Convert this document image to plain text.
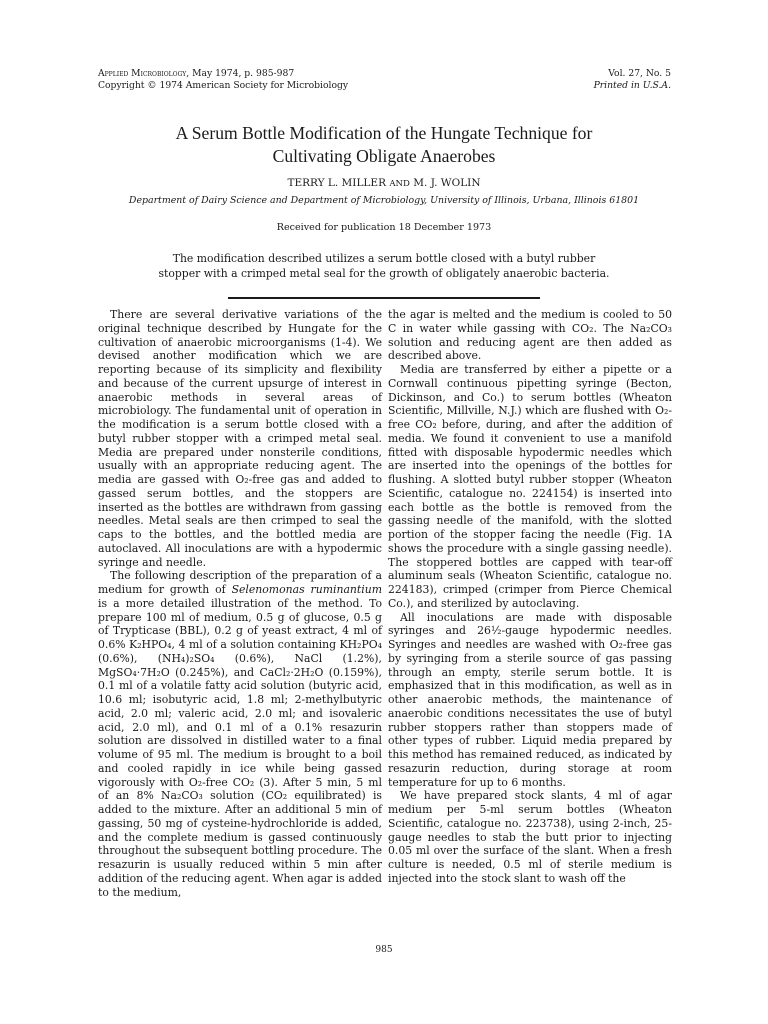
Applied Microbiology, May 1974, p. 985-987
Copyright © 1974 American Society for Microbiology
Vol. 27, No. 5
Printed in U.S.A.
A Serum Bottle Modification of the Hungate Technique for
Cultivating Obligate Anaerobes
TERRY L. MILLER AND M. J. WOLIN
Department of Dairy Science and Department of Microbiology, University of Illinois, Urbana, Illinois 61801
Received for publication 18 December 1973
The modification described utilizes a serum bottle closed with a butyl rubber
stopper with a crimped metal seal for the growth of obligately anaerobic bacteria.

There are several derivative variations of the original technique described by Hungate for the cultivation of anaerobic microorganisms (1-4). We devised another modification which we are reporting because of its simplicity and flexibility and because of the current upsurge of interest in anaerobic methods in several areas of microbiology. The fundamental unit of operation in the modification is a serum bottle closed with a butyl rubber stopper with a crimped metal seal. Media are prepared under nonsterile conditions, usually with an appropriate reducing agent. The media are gassed with O₂-free gas and added to gassed serum bottles, and the stoppers are inserted as the bottles are withdrawn from gassing needles. Metal seals are then crimped to seal the caps to the bottles, and the bottled media are autoclaved. All inoculations are with a hypodermic syringe and needle.

The following description of the preparation of a medium for growth of Selenomonas ruminantium is a more detailed illustration of the method. To prepare 100 ml of medium, 0.5 g of glucose, 0.5 g of Trypticase (BBL), 0.2 g of yeast extract, 4 ml of 0.6% K₂HPO₄, 4 ml of a solution containing KH₂PO₄ (0.6%), (NH₄)₂SO₄ (0.6%), NaCl (1.2%), MgSO₄·7H₂O (0.245%), and CaCl₂·2H₂O (0.159%), 0.1 ml of a volatile fatty acid solution (butyric acid, 10.6 ml; isobutyric acid, 1.8 ml; 2-methylbutyric acid, 2.0 ml; valeric acid, 2.0 ml; and isovaleric acid, 2.0 ml), and 0.1 ml of a 0.1% resazurin solution are dissolved in distilled water to a final volume of 95 ml. The medium is brought to a boil and cooled rapidly in ice while being gassed vigorously with O₂-free CO₂ (3). After 5 min, 5 ml of an 8% Na₂CO₃ solution (CO₂ equilibrated) is added to the mixture. After an additional 5 min of gassing, 50 mg of cysteine-hydrochloride is added, and the complete medium is gassed continuously throughout the subsequent bottling procedure. The resazurin is usually reduced within 5 min after addition of the reducing agent. When agar is added to the medium,

the agar is melted and the medium is cooled to 50 C in water while gassing with CO₂. The Na₂CO₃ solution and reducing agent are then added as described above.

Media are transferred by either a pipette or a Cornwall continuous pipetting syringe (Becton, Dickinson, and Co.) to serum bottles (Wheaton Scientific, Millville, N.J.) which are flushed with O₂-free CO₂ before, during, and after the addition of media. We found it convenient to use a manifold fitted with disposable hypodermic needles which are inserted into the openings of the bottles for flushing. A slotted butyl rubber stopper (Wheaton Scientific, catalogue no. 224154) is inserted into each bottle as the bottle is removed from the gassing needle of the manifold, with the slotted portion of the stopper facing the needle (Fig. 1A shows the procedure with a single gassing needle). The stoppered bottles are capped with tear-off aluminum seals (Wheaton Scientific, catalogue no. 224183), crimped (crimper from Pierce Chemical Co.), and sterilized by autoclaving.

All inoculations are made with disposable syringes and 26½-gauge hypodermic needles. Syringes and needles are washed with O₂-free gas by syringing from a sterile source of gas passing through an empty, sterile serum bottle. It is emphasized that in this modification, as well as in other anaerobic methods, the maintenance of anaerobic conditions necessitates the use of butyl rubber stoppers rather than stoppers made of other types of rubber. Liquid media prepared by this method has remained reduced, as indicated by resazurin reduction, during storage at room temperature for up to 6 months.

We have prepared stock slants, 4 ml of agar medium per 5-ml serum bottles (Wheaton Scientific, catalogue no. 223738), using 2-inch, 25-gauge needles to stab the butt prior to injecting 0.05 ml over the surface of the slant. When a fresh culture is needed, 0.5 ml of sterile medium is injected into the stock slant to wash off the

985
